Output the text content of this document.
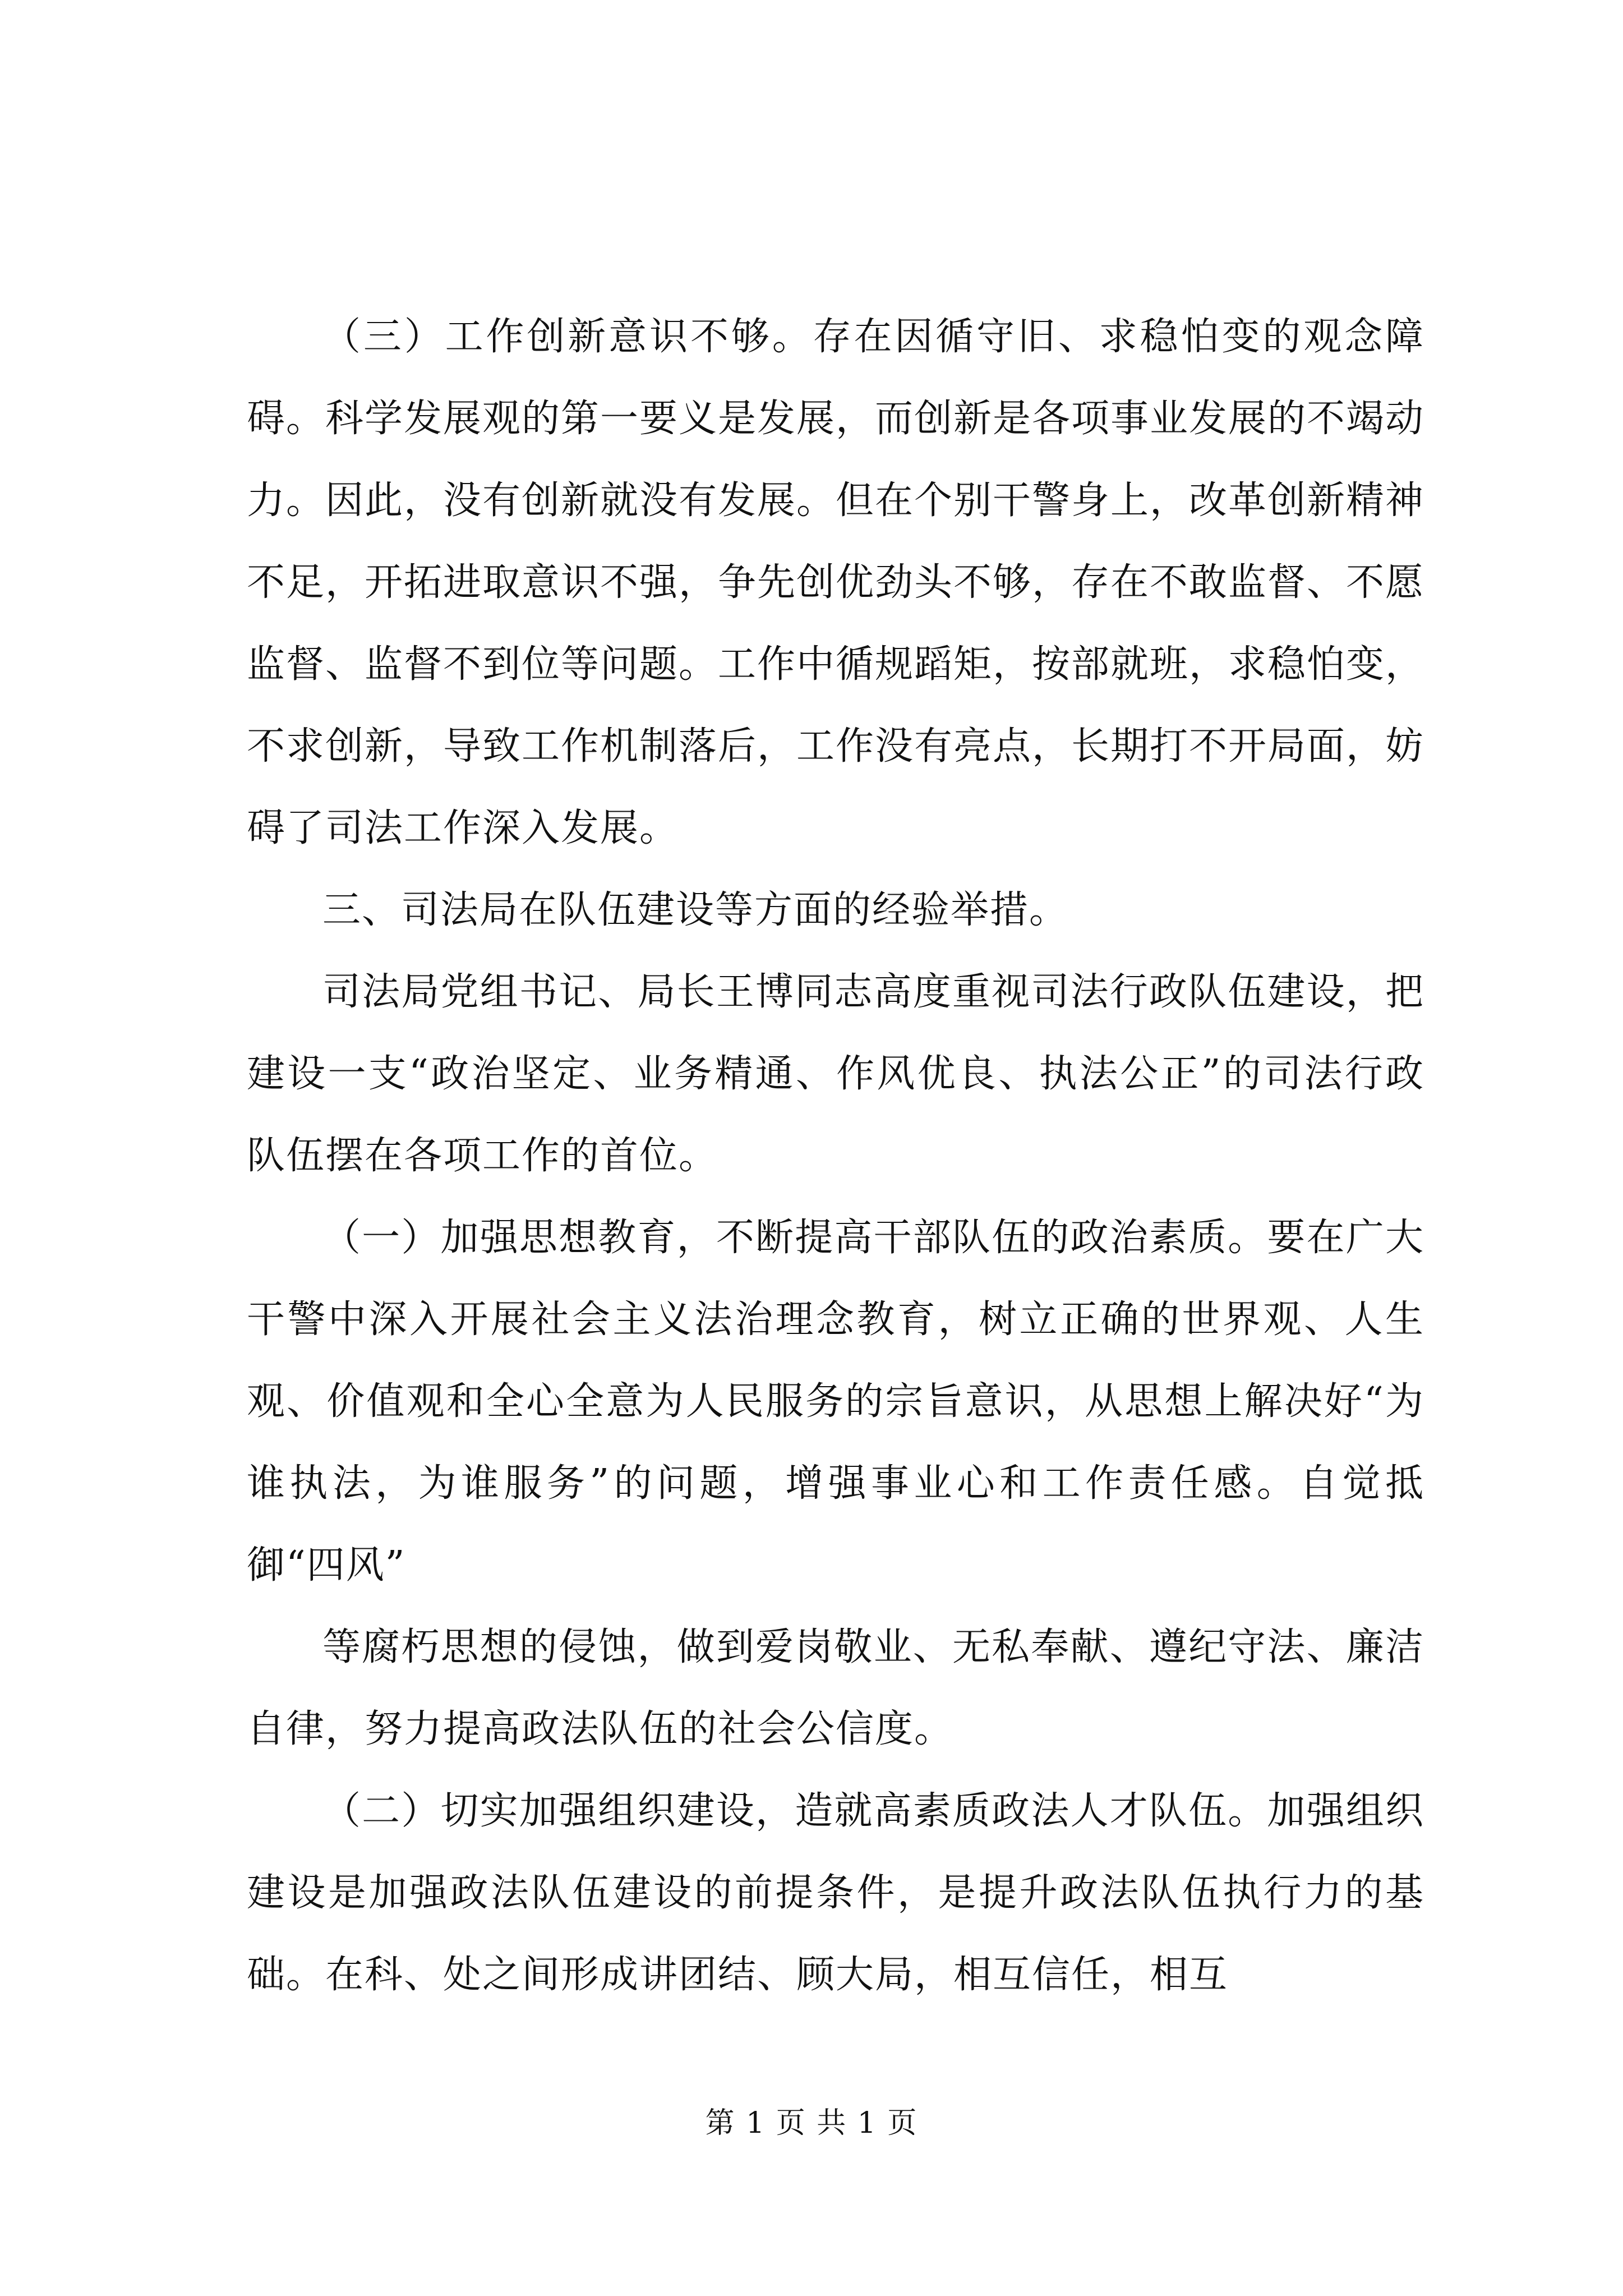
（三）工作创新意识不够。存在因循守旧、求稳怕变的观念障碍。科学发展观的第一要义是发展，而创新是各项事业发展的不竭动力。因此，没有创新就没有发展。但在个别干警身上，改革创新精神不足，开拓进取意识不强，争先创优劲头不够，存在不敢监督、不愿监督、监督不到位等问题。工作中循规蹈矩，按部就班，求稳怕变，不求创新，导致工作机制落后，工作没有亮点，长期打不开局面，妨碍了司法工作深入发展。

三、司法局在队伍建设等方面的经验举措。

司法局党组书记、局长王博同志高度重视司法行政队伍建设，把建设一支“政治坚定、业务精通、作风优良、执法公正”的司法行政队伍摆在各项工作的首位。

（一）加强思想教育，不断提高干部队伍的政治素质。要在广大干警中深入开展社会主义法治理念教育，树立正确的世界观、人生观、价值观和全心全意为人民服务的宗旨意识，从思想上解决好“为谁执法，为谁服务”的问题，增强事业心和工作责任感。自觉抵御“四风”

等腐朽思想的侵蚀，做到爱岗敬业、无私奉献、遵纪守法、廉洁自律，努力提高政法队伍的社会公信度。

（二）切实加强组织建设，造就高素质政法人才队伍。加强组织建设是加强政法队伍建设的前提条件，是提升政法队伍执行力的基础。在科、处之间形成讲团结、顾大局，相互信任，相互

第 1 页 共 1 页
